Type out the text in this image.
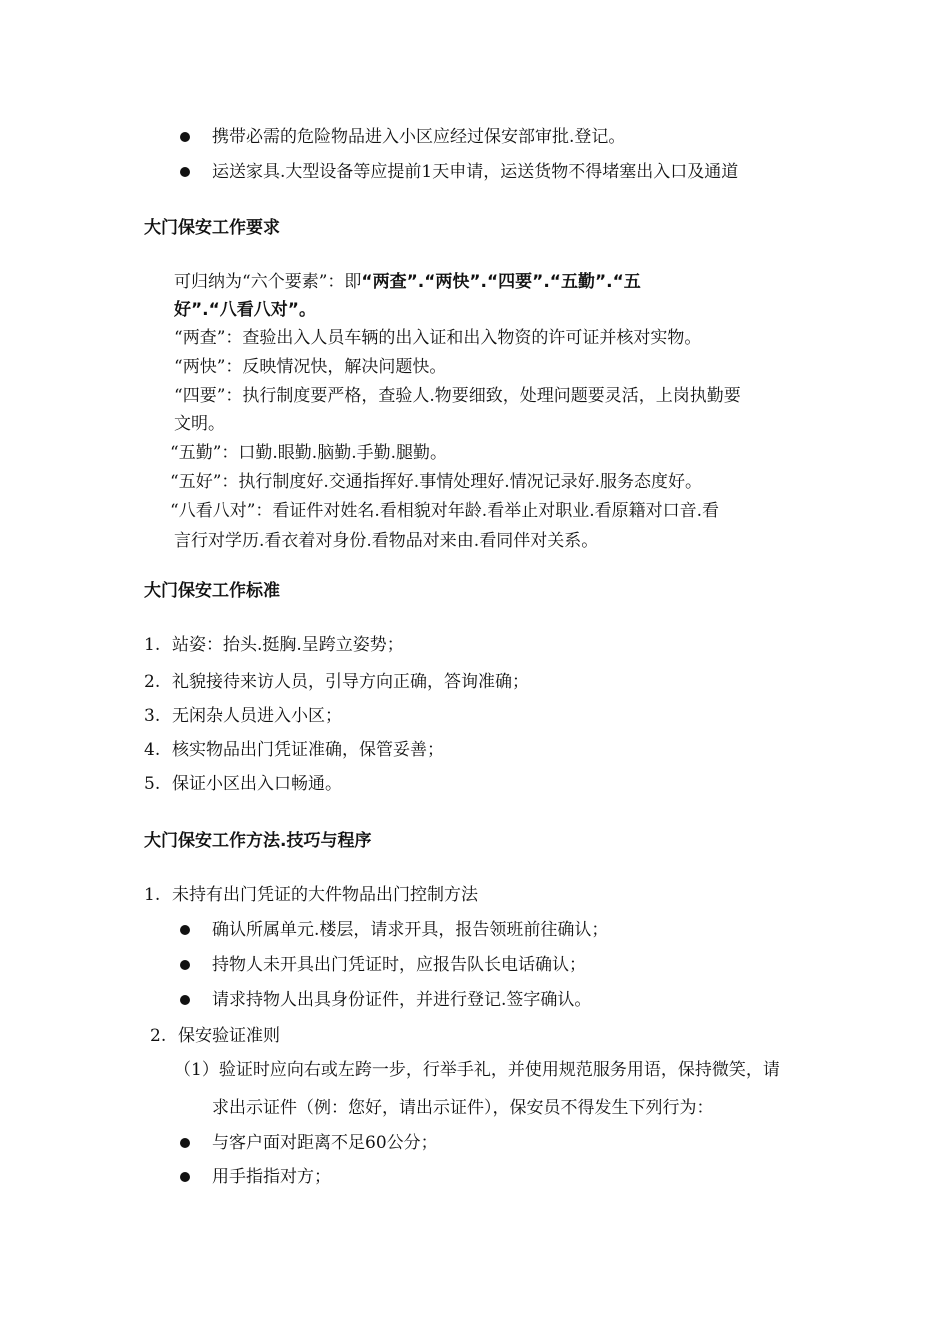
携带必需的危险物品进入小区应经过保安部审批.登记。
运送家具.大型设备等应提前1天申请，运送货物不得堵塞出入口及通道
大门保安工作要求
可归纳为“六个要素”：即“两查”.“两快”.“四要”.“五勤”.“五
好”.“八看八对”。
“两查”：查验出入人员车辆的出入证和出入物资的许可证并核对实物。
“两快”：反映情况快，解决问题快。
“四要”：执行制度要严格，查验人.物要细致，处理问题要灵活，上岗执勤要
文明。
“五勤”：口勤.眼勤.脑勤.手勤.腿勤。
“五好”：执行制度好.交通指挥好.事情处理好.情况记录好.服务态度好。
“八看八对”：看证件对姓名.看相貌对年龄.看举止对职业.看原籍对口音.看
言行对学历.看衣着对身份.看物品对来由.看同伴对关系。
大门保安工作标准
1. 站姿：抬头.挺胸.呈跨立姿势；
2. 礼貌接待来访人员，引导方向正确，答询准确；
3. 无闲杂人员进入小区；
4. 核实物品出门凭证准确，保管妥善；
5. 保证小区出入口畅通。
大门保安工作方法.技巧与程序
1. 未持有出门凭证的大件物品出门控制方法
确认所属单元.楼层，请求开具，报告领班前往确认；
持物人未开具出门凭证时，应报告队长电话确认；
请求持物人出具身份证件，并进行登记.签字确认。
2. 保安验证准则
（1）验证时应向右或左跨一步，行举手礼，并使用规范服务用语，保持微笑，请
求出示证件（例：您好，请出示证件），保安员不得发生下列行为：
与客户面对距离不足60公分；
用手指指对方；
